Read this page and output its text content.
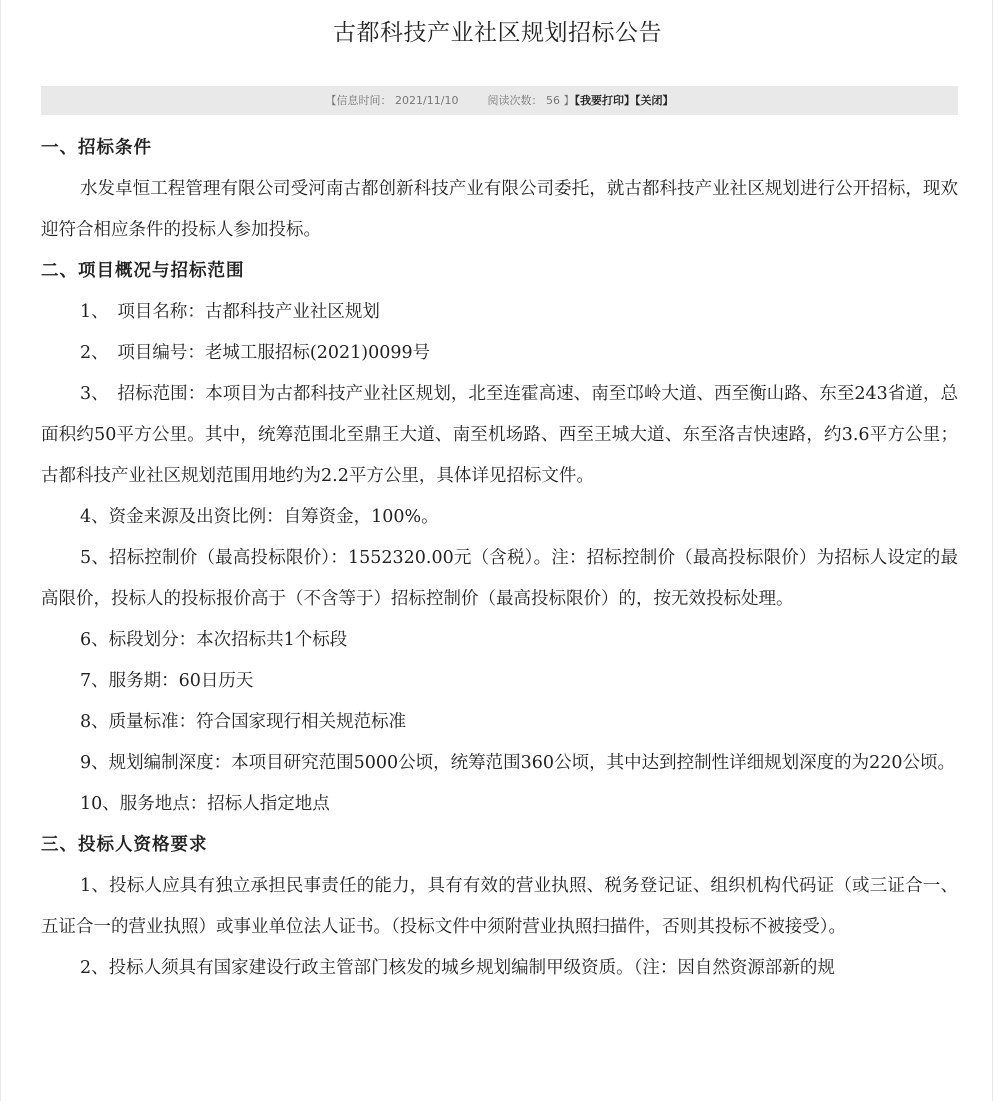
古都科技产业社区规划招标公告
【信息时间： 2021/11/10	阅读次数： 56 】【我要打印】【关闭】

一、招标条件

水发卓恒工程管理有限公司受河南古都创新科技产业有限公司委托，就古都科技产业社区规划进行公开招标，现欢迎符合相应条件的投标人参加投标。

二、项目概况与招标范围

1、　项目名称：古都科技产业社区规划

2、　项目编号：老城工服招标(2021)0099号

3、　招标范围：本项目为古都科技产业社区规划，北至连霍高速、南至邙岭大道、西至衡山路、东至243省道，总面积约50平方公里。其中，统筹范围北至鼎王大道、南至机场路、西至王城大道、东至洛吉快速路，约3.6平方公里；古都科技产业社区规划范围用地约为2.2平方公里，具体详见招标文件。

4、资金来源及出资比例：自筹资金，100%。

5、招标控制价（最高投标限价）：1552320.00元（含税）。注：招标控制价（最高投标限价）为招标人设定的最高限价，投标人的投标报价高于（不含等于）招标控制价（最高投标限价）的，按无效投标处理。

6、标段划分：本次招标共1个标段

7、服务期：60日历天

8、质量标准：符合国家现行相关规范标准

9、规划编制深度：本项目研究范围5000公顷，统筹范围360公顷，其中达到控制性详细规划深度的为220公顷。

10、服务地点：招标人指定地点

三、投标人资格要求

1、投标人应具有独立承担民事责任的能力，具有有效的营业执照、税务登记证、组织机构代码证（或三证合一、五证合一的营业执照）或事业单位法人证书。（投标文件中须附营业执照扫描件，否则其投标不被接受）。

2、投标人须具有国家建设行政主管部门核发的城乡规划编制甲级资质。（注：因自然资源部新的规
